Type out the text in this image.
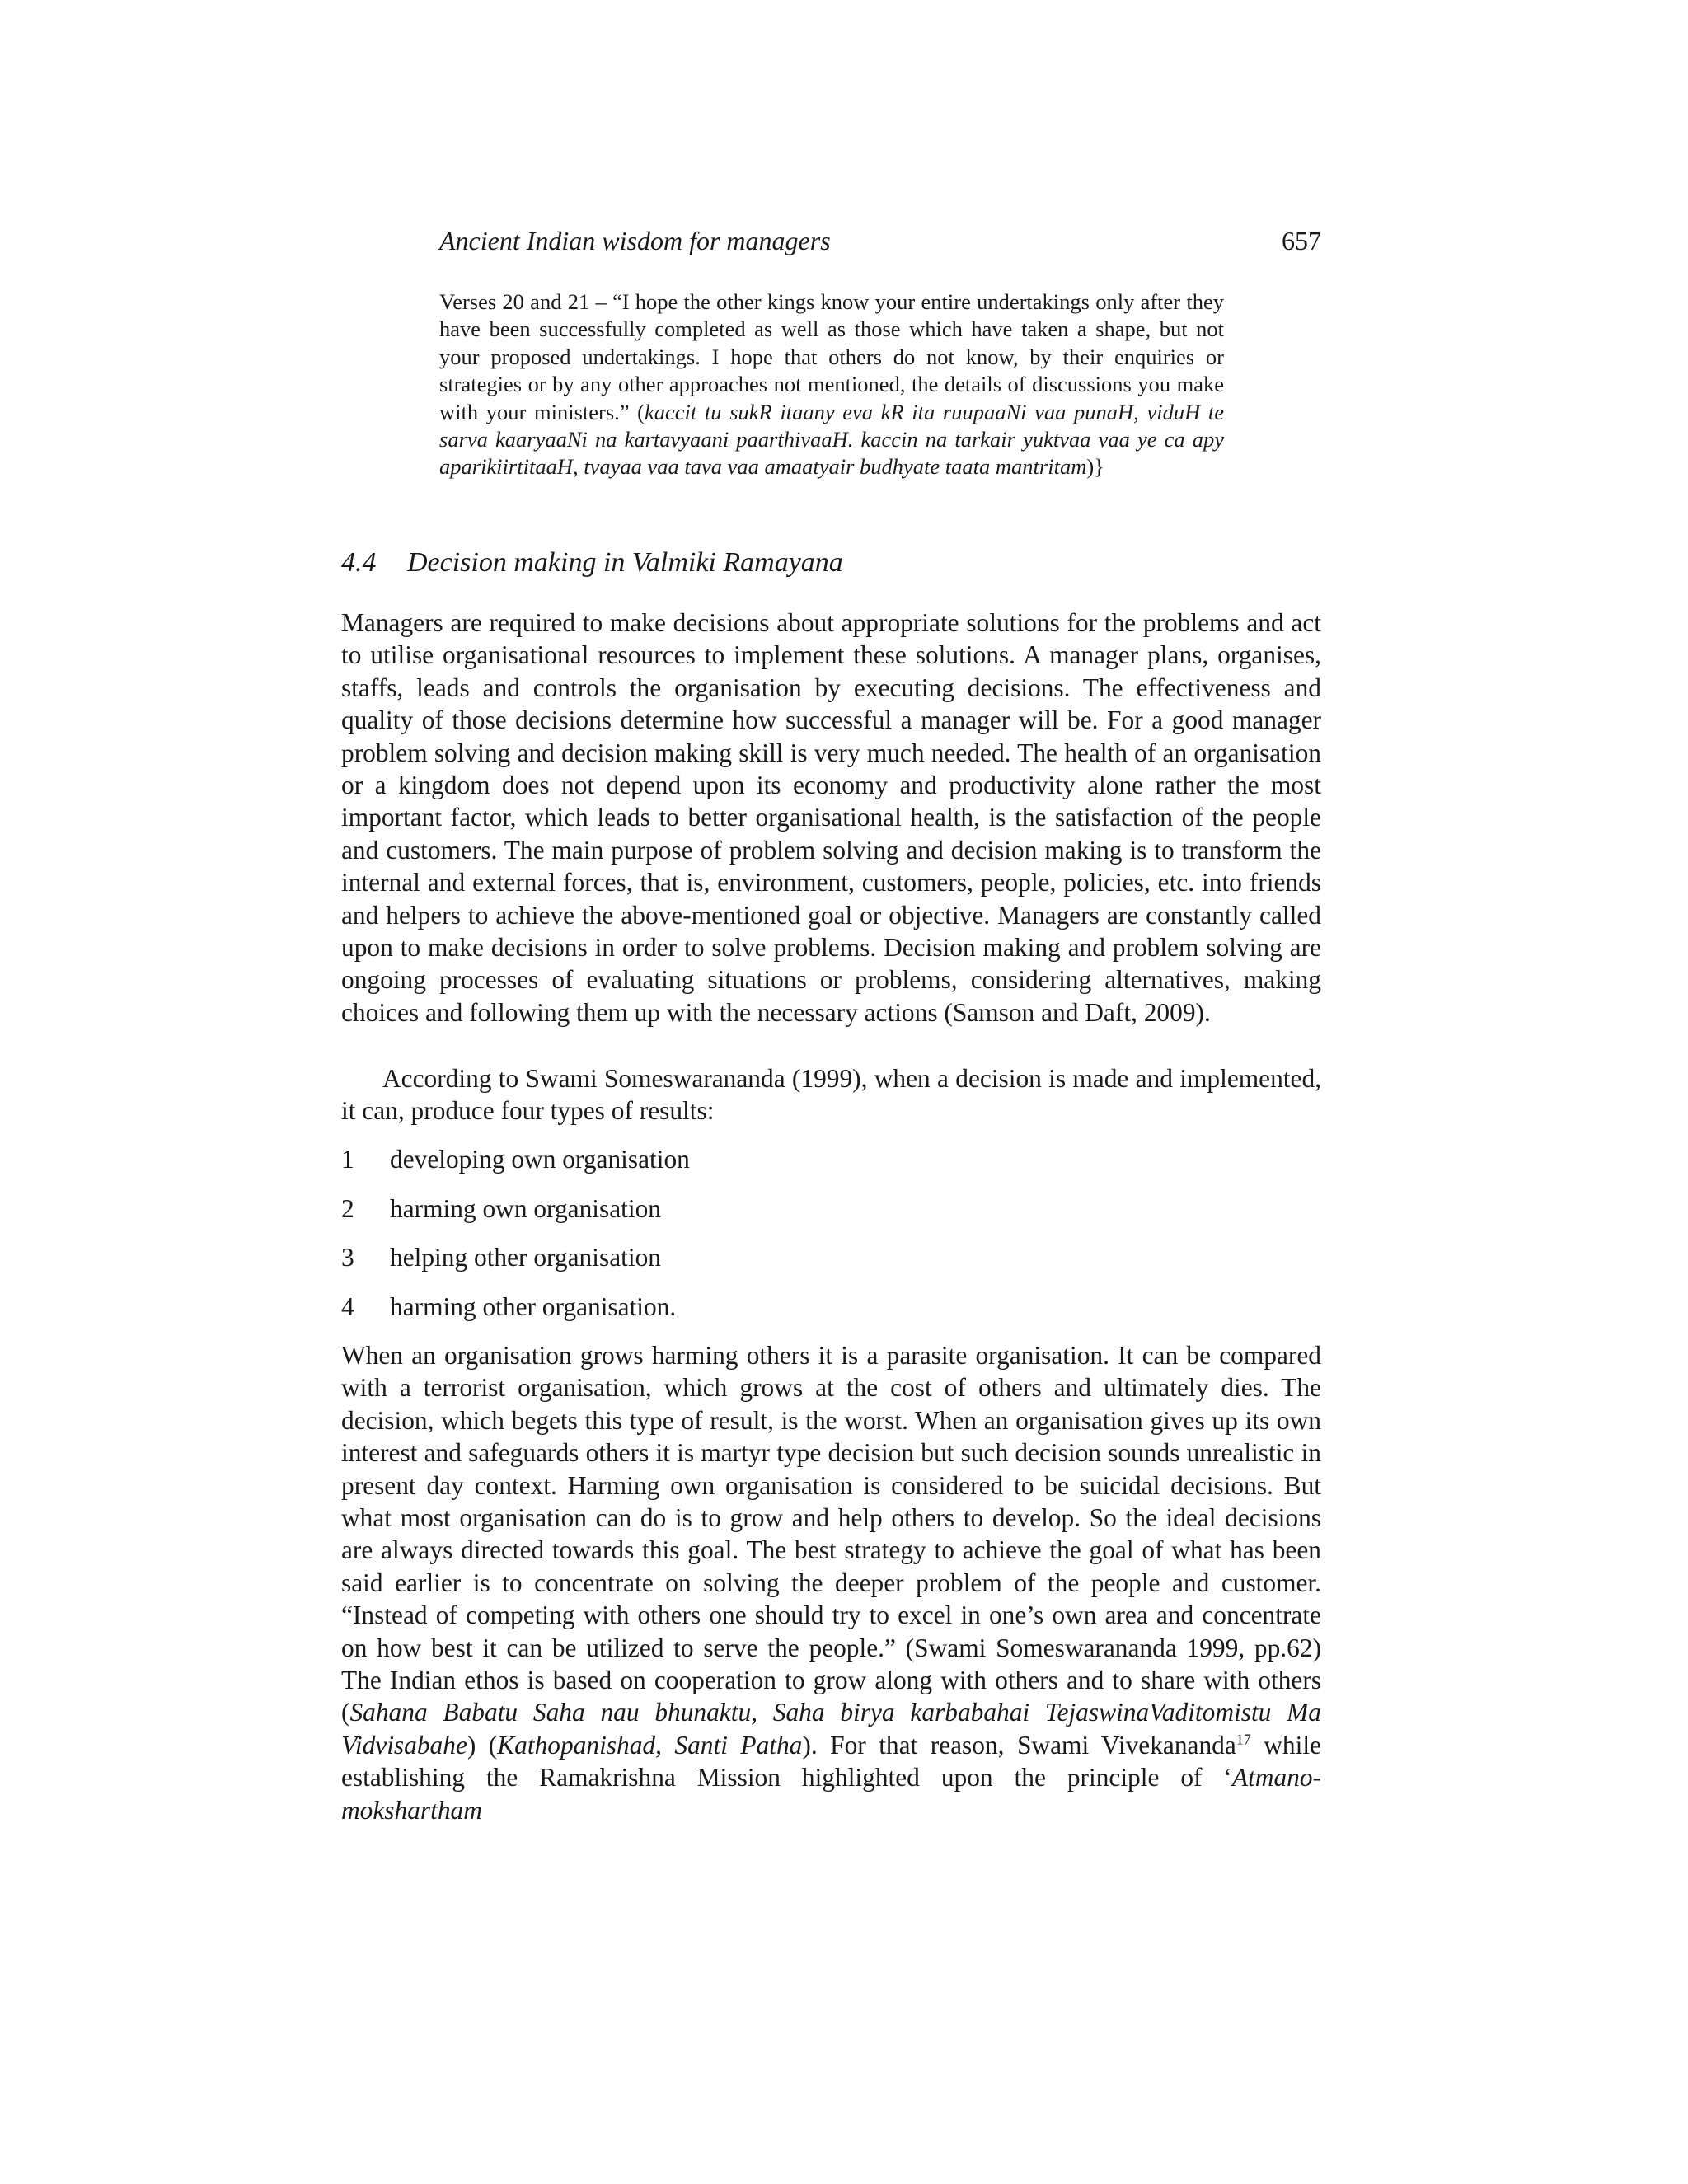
Ancient Indian wisdom for managers	657
Verses 20 and 21 – “I hope the other kings know your entire undertakings only after they have been successfully completed as well as those which have taken a shape, but not your proposed undertakings. I hope that others do not know, by their enquiries or strategies or by any other approaches not mentioned, the details of discussions you make with your ministers.” (kaccit tu sukR itaany eva kR ita ruupaaNi vaa punaH, viduH te sarva kaaryaaNi na kartavyaani paarthivaaH. kaccin na tarkair yuktvaa vaa ye ca apy aparikiirtitaaH, tvayaa vaa tava vaa amaatyair budhyate taata mantritam)}
4.4 Decision making in Valmiki Ramayana

Managers are required to make decisions about appropriate solutions for the problems and act to utilise organisational resources to implement these solutions. A manager plans, organises, staffs, leads and controls the organisation by executing decisions. The effectiveness and quality of those decisions determine how successful a manager will be. For a good manager problem solving and decision making skill is very much needed. The health of an organisation or a kingdom does not depend upon its economy and productivity alone rather the most important factor, which leads to better organisational health, is the satisfaction of the people and customers. The main purpose of problem solving and decision making is to transform the internal and external forces, that is, environment, customers, people, policies, etc. into friends and helpers to achieve the above-mentioned goal or objective. Managers are constantly called upon to make decisions in order to solve problems. Decision making and problem solving are ongoing processes of evaluating situations or problems, considering alternatives, making choices and following them up with the necessary actions (Samson and Daft, 2009).

According to Swami Someswarananda (1999), when a decision is made and implemented, it can, produce four types of results:

1	developing own organisation
2	harming own organisation
3	helping other organisation
4	harming other organisation.

When an organisation grows harming others it is a parasite organisation. It can be compared with a terrorist organisation, which grows at the cost of others and ultimately dies. The decision, which begets this type of result, is the worst. When an organisation gives up its own interest and safeguards others it is martyr type decision but such decision sounds unrealistic in present day context. Harming own organisation is considered to be suicidal decisions. But what most organisation can do is to grow and help others to develop. So the ideal decisions are always directed towards this goal. The best strategy to achieve the goal of what has been said earlier is to concentrate on solving the deeper problem of the people and customer. “Instead of competing with others one should try to excel in one’s own area and concentrate on how best it can be utilized to serve the people.” (Swami Someswarananda 1999, pp.62) The Indian ethos is based on cooperation to grow along with others and to share with others (Sahana Babatu Saha nau bhunaktu, Saha birya karbabahai TejaswinaVaditomistu Ma Vidvisabahe) (Kathopanishad, Santi Patha). For that reason, Swami Vivekananda$^{17}$ while establishing the Ramakrishna Mission highlighted upon the principle of ‘Atmano-mokshartham
